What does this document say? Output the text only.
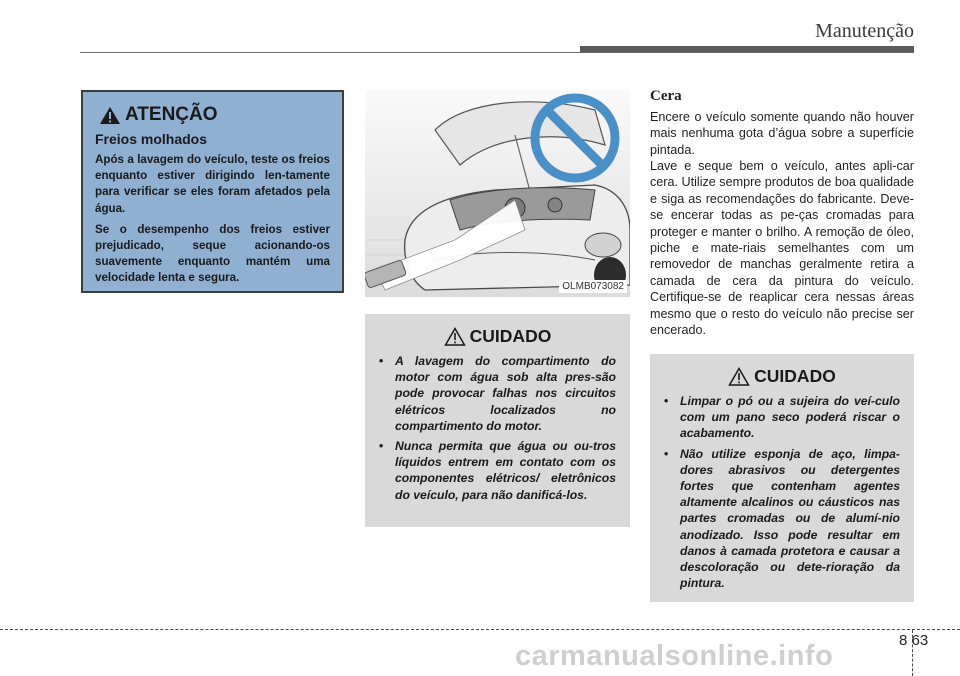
Manutenção
ATENÇÃO
Freios molhados
Após a lavagem do veículo, teste os freios enquanto estiver dirigindo len-tamente para verificar se eles foram afetados pela água.
Se o desempenho dos freios estiver prejudicado, seque acionando-os suavemente enquanto mantém uma velocidade lenta e segura.
OLMB073082
CUIDADO
• A lavagem do compartimento do motor com água sob alta pres-são pode provocar falhas nos circuitos elétricos localizados no compartimento do motor.
• Nunca permita que água ou ou-tros líquidos entrem em contato com os componentes elétricos/ eletrônicos do veículo, para não danificá-los.
Cera

Encere o veículo somente quando não houver mais nenhuma gota d’água sobre a superfície pintada.

Lave e seque bem o veículo, antes apli-car cera. Utilize sempre produtos de boa qualidade e siga as recomendações do fabricante. Deve-se encerar todas as pe-ças cromadas para proteger e manter o brilho. A remoção de óleo, piche e mate-riais semelhantes com um removedor de manchas geralmente retira a camada de cera da pintura do veículo. Certifique-se de reaplicar cera nessas áreas mesmo que o resto do veículo não precise ser encerado.

CUIDADO
• Limpar o pó ou a sujeira do veí-culo com um pano seco poderá riscar o acabamento.
• Não utilize esponja de aço, limpa-dores abrasivos ou detergentes fortes que contenham agentes altamente alcalinos ou cáusticos nas partes cromadas ou de alumí-nio anodizado. Isso pode resultar em danos à camada protetora e causar a descoloração ou dete-rioração da pintura.
8 63
carmanualsonline.info
